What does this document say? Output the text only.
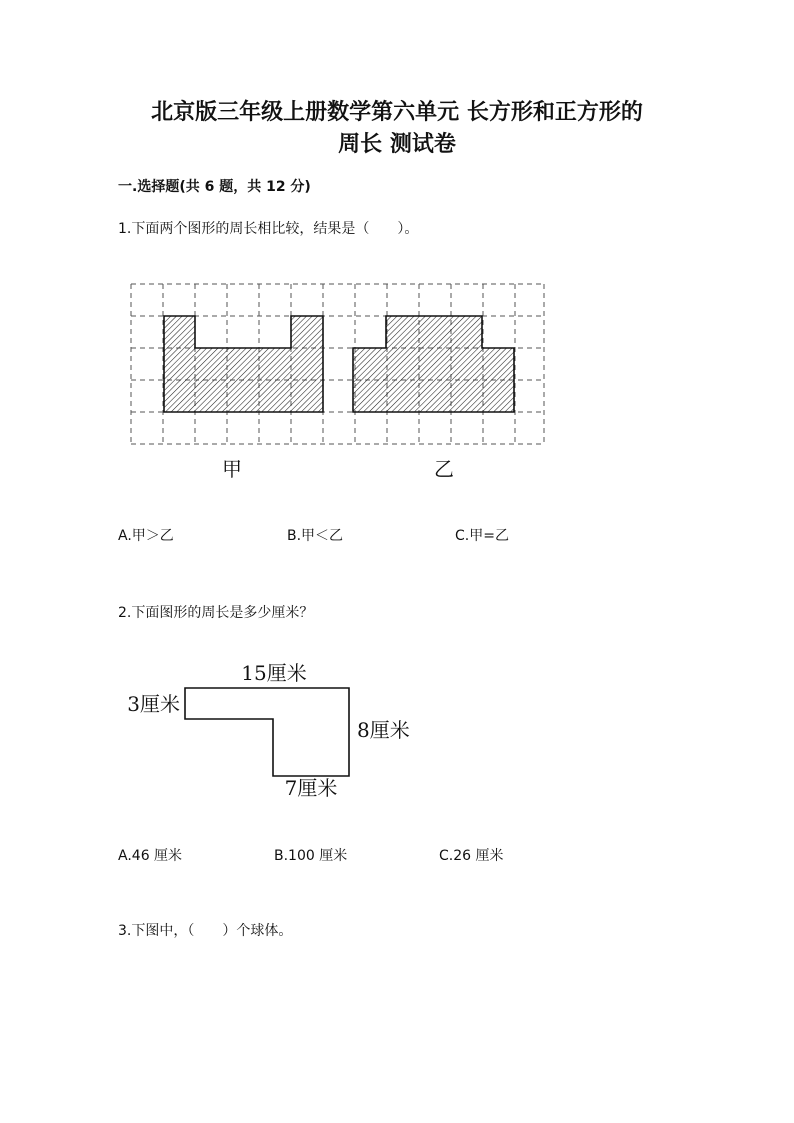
北京版三年级上册数学第六单元 长方形和正方形的
周长 测试卷

一.选择题(共 6 题，共 12 分)

1.下面两个图形的周长相比较，结果是（　　）。

甲	乙
15厘米
3厘米
8厘米
7厘米
A.甲＞乙	B.甲＜乙	C.甲=乙

2.下面图形的周长是多少厘米？

A.46 厘米	B.100 厘米	C.26 厘米

3.下图中，（　　）个球体。
